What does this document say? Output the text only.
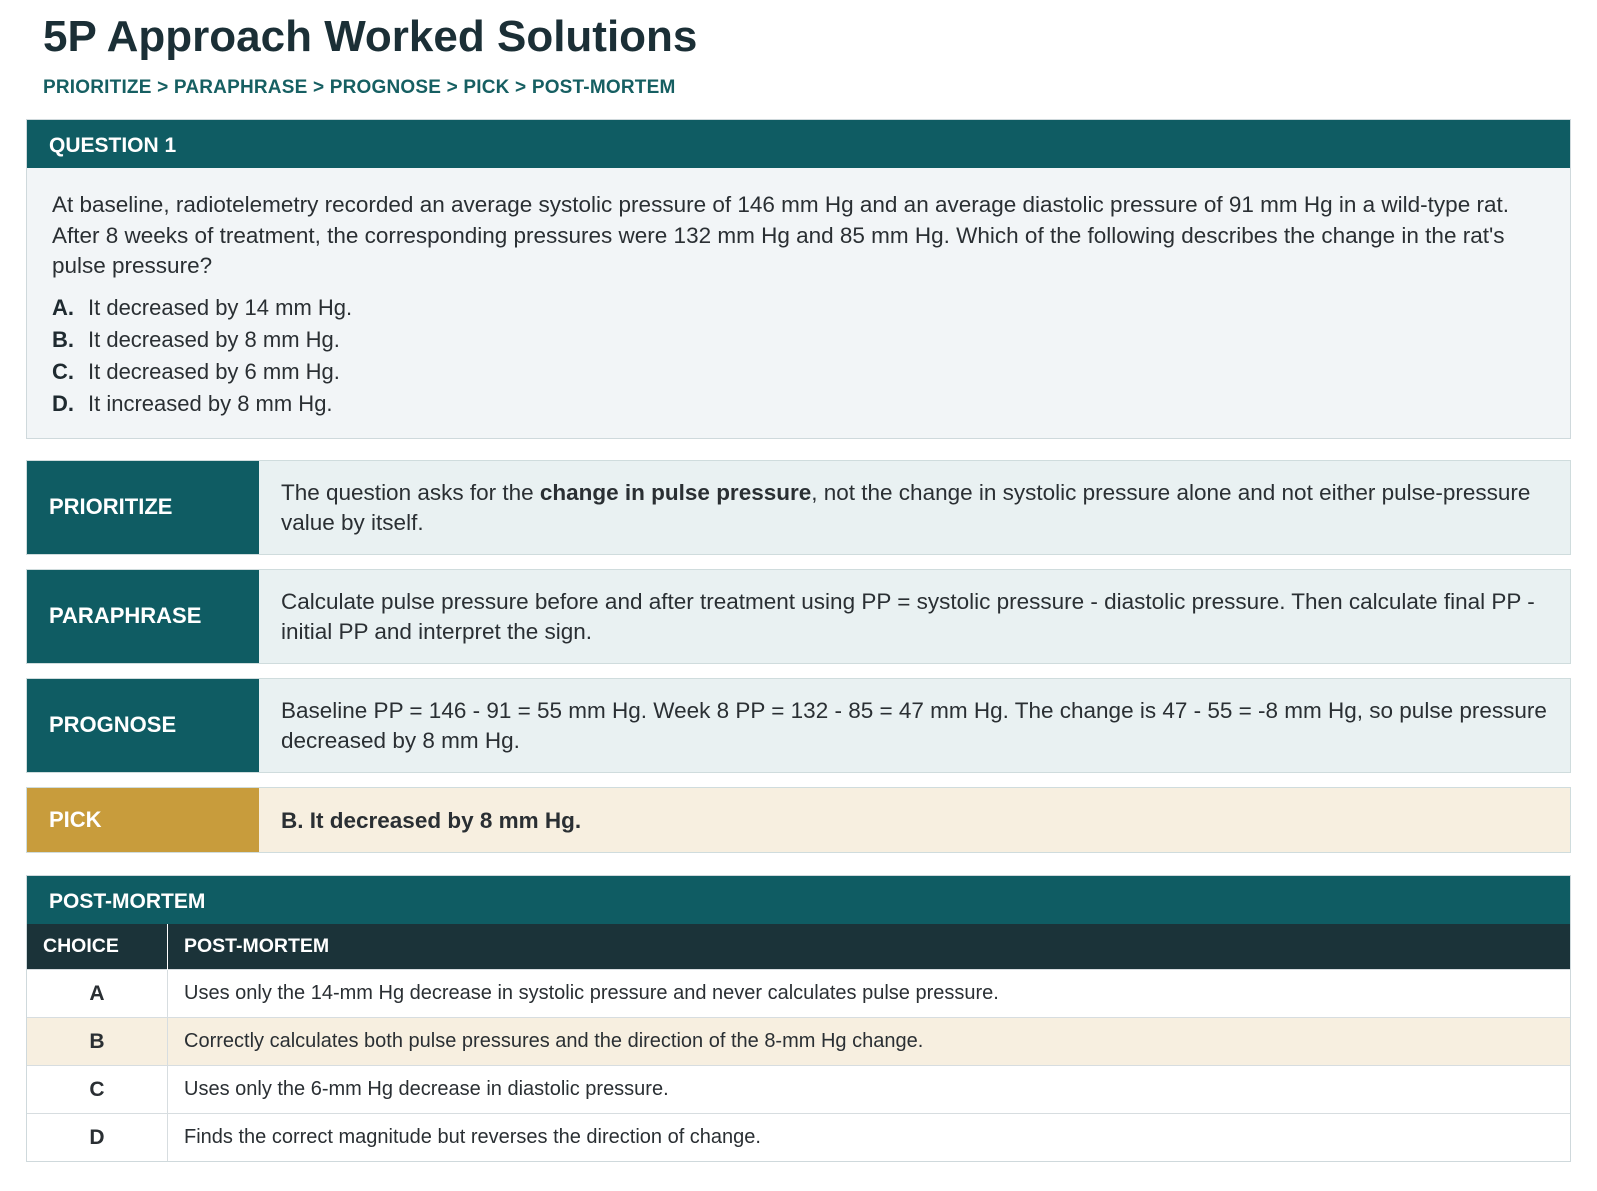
5P Approach Worked Solutions
PRIORITIZE > PARAPHRASE > PROGNOSE > PICK > POST-MORTEM
QUESTION 1
At baseline, radiotelemetry recorded an average systolic pressure of 146 mm Hg and an average diastolic pressure of 91 mm Hg in a wild-type rat. After 8 weeks of treatment, the corresponding pressures were 132 mm Hg and 85 mm Hg. Which of the following describes the change in the rat's pulse pressure?
A. It decreased by 14 mm Hg.
B. It decreased by 8 mm Hg.
C. It decreased by 6 mm Hg.
D. It increased by 8 mm Hg.
PRIORITIZE
The question asks for the change in pulse pressure, not the change in systolic pressure alone and not either pulse-pressure value by itself.
PARAPHRASE
Calculate pulse pressure before and after treatment using PP = systolic pressure - diastolic pressure. Then calculate final PP - initial PP and interpret the sign.
PROGNOSE
Baseline PP = 146 - 91 = 55 mm Hg. Week 8 PP = 132 - 85 = 47 mm Hg. The change is 47 - 55 = -8 mm Hg, so pulse pressure decreased by 8 mm Hg.
PICK	B. It decreased by 8 mm Hg.
POST-MORTEM
CHOICE	POST-MORTEM
A	Uses only the 14-mm Hg decrease in systolic pressure and never calculates pulse pressure.
B	Correctly calculates both pulse pressures and the direction of the 8-mm Hg change.
C	Uses only the 6-mm Hg decrease in diastolic pressure.
D	Finds the correct magnitude but reverses the direction of change.
